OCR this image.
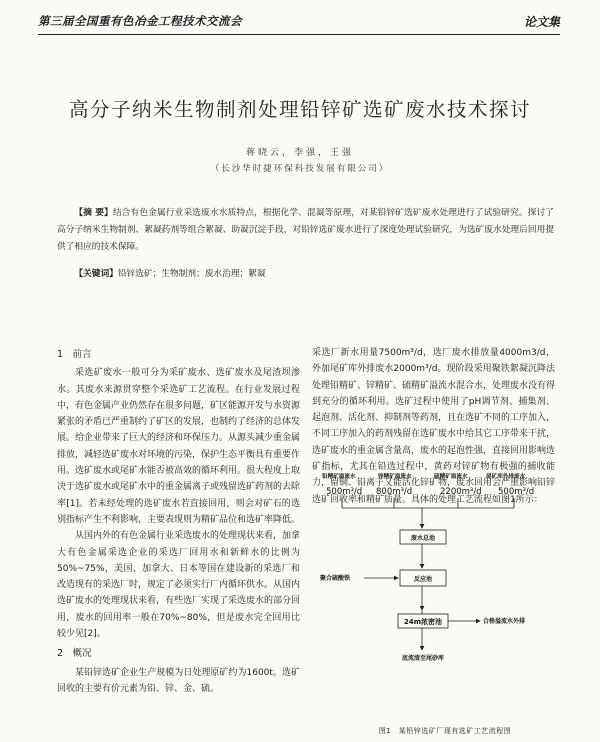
第三届全国重有色冶金工程技术交流会	论文集
高分子纳米生物制剂处理铅锌矿选矿废水技术探讨
蒋晓云，李强，王强
（长沙华时捷环保科技发展有限公司）
【摘 要】结合有色金属行业采选废水水质特点，根据化学、混凝等原理，对某铅锌矿选矿废水处理进行了试验研究。探讨了高分子纳米生物制剂、絮凝药剂等组合絮凝、助凝沉淀手段，对铅锌选矿废水进行了深度处理试验研究，为选矿废水处理后回用提供了相应的技术保障。
【关键词】铅锌选矿；生物制剂；废水治理；絮凝
1　前言

采选矿废水一般可分为采矿废水、选矿废水及尾渣坝渗水。其废水来源贯穿整个采选矿工艺流程。在行业发展过程中，有色金属产业仍然存在很多问题，矿区能源开发与水资源紧张的矛盾已严重制约了矿区的发展，也制约了经济的总体发展。给企业带来了巨大的经济和环保压力。从源头减少重金属排放，减轻选矿废水对环境的污染，保护生态平衡具有重要作用。选矿废水或尾矿水能否被高效的循环利用。很大程度上取决于选矿废水或尾矿水中的重金属离子或残留选矿药剂的去除率[1]。若未经处理的选矿废水若直接回用，则会对矿石的选别指标产生不利影响，主要表现则为精矿品位和选矿率降低。

从国内外的有色金属行业采选废水的处理现状来看，加拿大有色金属采选企业的采选厂回用水和新鲜水的比例为50%~75%，美国、加拿大、日本等国在建设新的采选厂和改造现有的采选厂时，规定了必须实行厂内循环供水。从国内选矿废水的处理现状来看，有些选厂实现了采选废水的部分回用，废水的回用率一般在70%~80%，但是废水完全回用比较少见[2]。

2　概况

某铅锌选矿企业生产规模为日处理原矿约为1600t。选矿回收的主要有价元素为铅、锌、金、硫。

采选厂新水用量7500m³/d，选厂废水排放量4000m3/d，外加尾矿库外排废水2000m³/d。现阶段采用聚铁絮凝沉降法处理铅精矿、锌精矿、硫精矿溢流水混合水，处理废水没有得到充分的循环利用。选矿过程中使用了pH调节剂、捕集剂、起泡剂、活化剂、抑制剂等药剂，且在选矿不同的工序加入，不同工序加入的药剂残留在选矿废水中给其它工序带来干扰，选矿废水的重金属含量高，废水的起泡性强，直接回用影响选矿指标，尤其在铅选过程中，黄药对锌矿物有极强的捕收能力，留铜、铅离子又能活化锌矿物，废水回用会严重影响铅锌选矿回收率和精矿质量。具体的处理工艺流程如图1所示：

铅精矿溢流水	锌精矿溢流水	硫精矿溢流水	尾矿库外排废水
500m³/d 800m³/d	2200m³/d 500m³/d
废水总池
聚合硫酸铁	反应池
24m浓密池	合格溢流水外排
底流渣至尾砂库
图1　某铅锌选矿厂现有选矿工艺流程图
